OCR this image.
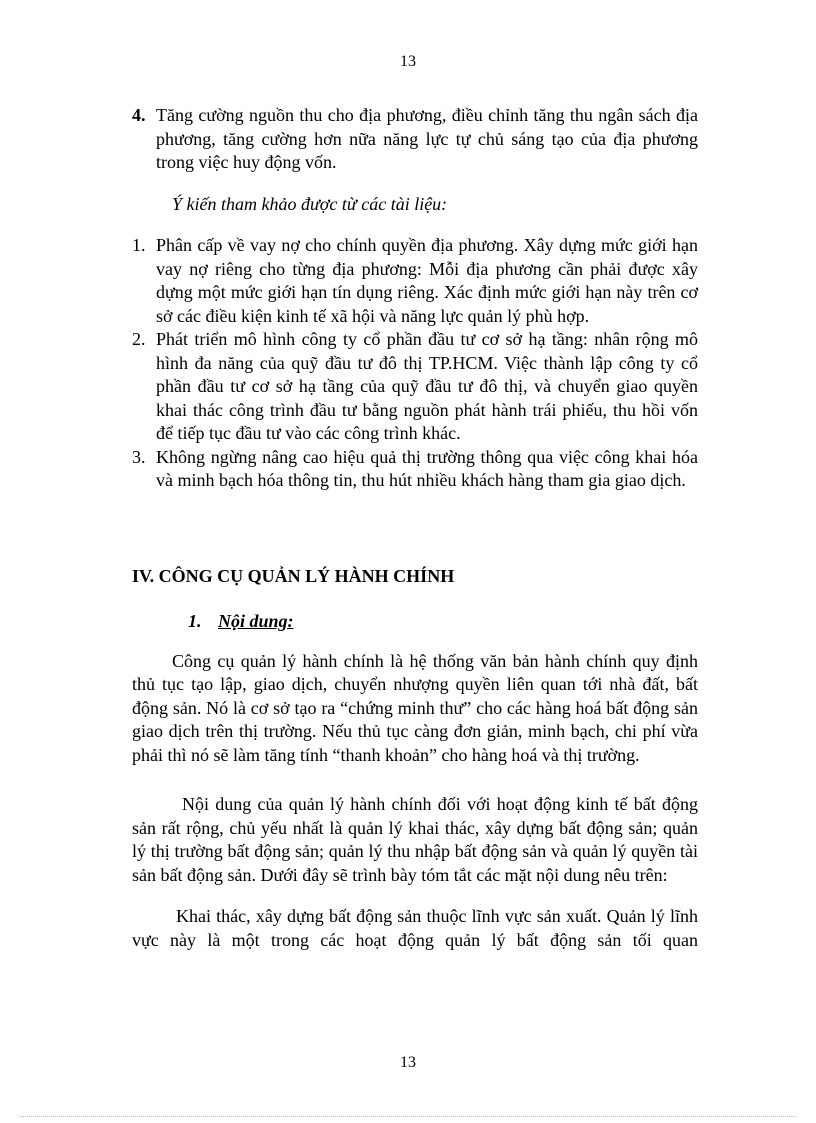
13
4. Tăng cường nguồn thu cho địa phương, điều chỉnh tăng thu ngân sách địa phương, tăng cường hơn nữa năng lực tự chủ sáng tạo của địa phương trong việc huy động vốn.

Ý kiến tham khảo được từ các tài liệu:

1. Phân cấp về vay nợ cho chính quyền địa phương. Xây dựng mức giới hạn vay nợ riêng cho từng địa phương: Mỗi địa phương cần phải được xây dựng một mức giới hạn tín dụng riêng. Xác định mức giới hạn này trên cơ sở các điều kiện kinh tế xã hội và năng lực quản lý phù hợp.
2. Phát triển mô hình công ty cổ phần đầu tư cơ sở hạ tầng: nhân rộng mô hình đa năng của quỹ đầu tư đô thị TP.HCM. Việc thành lập công ty cổ phần đầu tư cơ sở hạ tầng của quỹ đầu tư đô thị, và chuyển giao quyền khai thác công trình đầu tư bằng nguồn phát hành trái phiếu, thu hồi vốn để tiếp tục đầu tư vào các công trình khác.
3. Không ngừng nâng cao hiệu quả thị trường thông qua việc công khai hóa và minh bạch hóa thông tin, thu hút nhiều khách hàng tham gia giao dịch.
IV. CÔNG CỤ QUẢN LÝ HÀNH CHÍNH
1. Nội dung:

Công cụ quản lý hành chính là hệ thống văn bản hành chính quy định thủ tục tạo lập, giao dịch, chuyển nhượng quyền liên quan tới nhà đất, bất động sản. Nó là cơ sở tạo ra “chứng minh thư” cho các hàng hoá bất động sản giao dịch trên thị trường. Nếu thủ tục càng đơn giản, minh bạch, chi phí vừa phải thì nó sẽ làm tăng tính “thanh khoản” cho hàng hoá và thị trường.

Nội dung của quản lý hành chính đối với hoạt động kinh tế bất động sản rất rộng, chủ yếu nhất là quản lý khai thác, xây dựng bất động sản; quản lý thị trường bất động sản; quản lý thu nhập bất động sản và quản lý quyền tài sản bất động sản. Dưới đây sẽ trình bày tóm tắt các mặt nội dung nêu trên:

Khai thác, xây dựng bất động sản thuộc lĩnh vực sản xuất. Quản lý lĩnh vực này là một trong các hoạt động quản lý bất động sản tối quan

13
